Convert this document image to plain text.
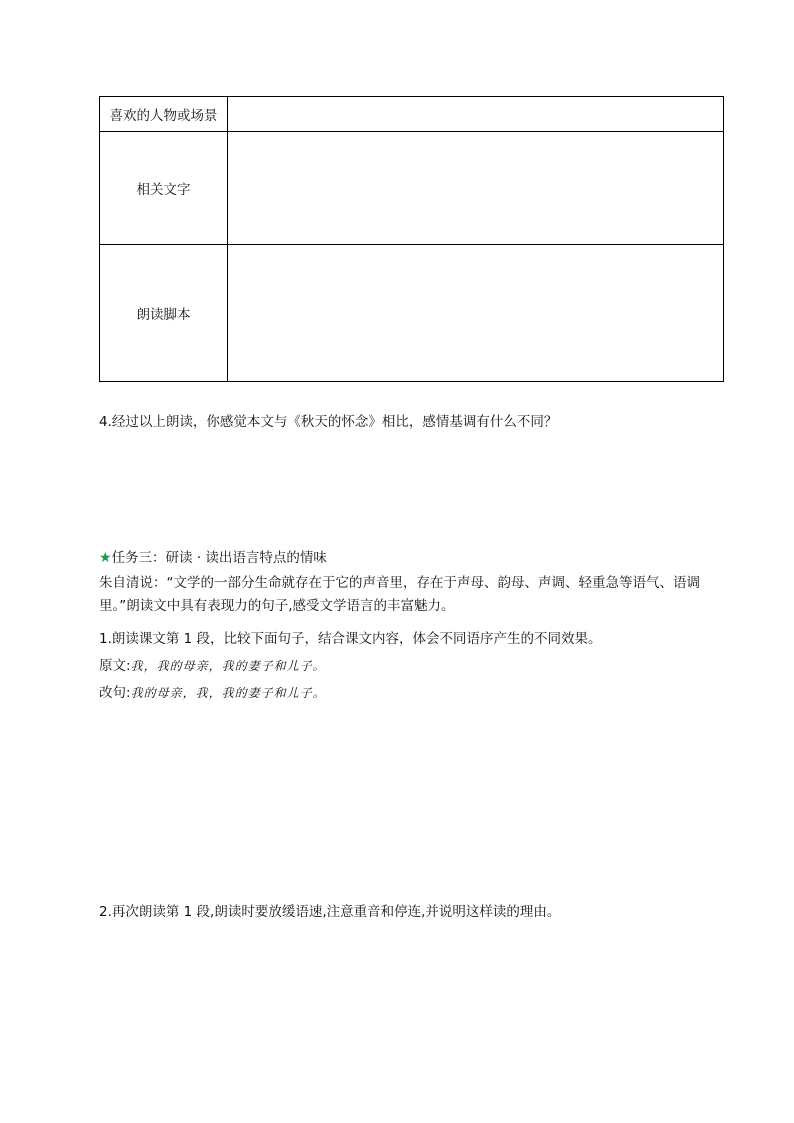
喜欢的人物或场景	
相关文字	
朗读脚本	
4.经过以上朗读，你感觉本文与《秋天的怀念》相比，感情基调有什么不同？
★任务三：研读 · 读出语言特点的情味
朱自清说：“文学的一部分生命就存在于它的声音里，存在于声母、韵母、声调、轻重急等语气、语调里。”朗读文中具有表现力的句子,感受文学语言的丰富魅力。
1.朗读课文第 1 段，比较下面句子，结合课文内容，体会不同语序产生的不同效果。
原文:我，我的母亲，我的妻子和儿子。
改句:我的母亲，我，我的妻子和儿子。
2.再次朗读第 1 段,朗读时要放缓语速,注意重音和停连,并说明这样读的理由。
